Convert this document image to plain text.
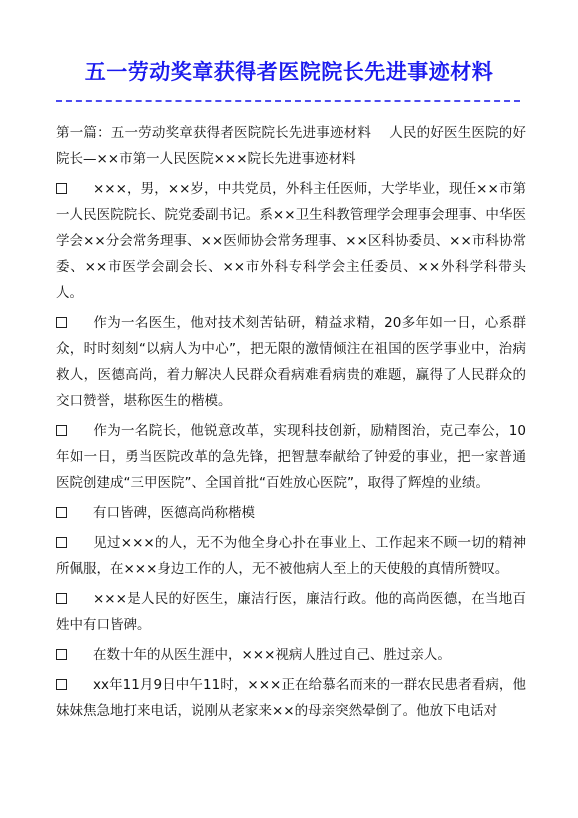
五一劳动奖章获得者医院院长先进事迹材料

第一篇：五一劳动奖章获得者医院院长先进事迹材料 人民的好医生医院的好院长—××市第一人民医院×××院长先进事迹材料

×××，男，××岁，中共党员，外科主任医师，大学毕业，现任××市第一人民医院院长、院党委副书记。系××卫生科教管理学会理事会理事、中华医学会××分会常务理事、××医师协会常务理事、××区科协委员、××市科协常委、××市医学会副会长、××市外科专科学会主任委员、××外科学科带头人。

作为一名医生，他对技术刻苦钻研，精益求精，20多年如一日，心系群众，时时刻刻“以病人为中心”，把无限的激情倾注在祖国的医学事业中，治病救人，医德高尚，着力解决人民群众看病难看病贵的难题，赢得了人民群众的交口赞誉，堪称医生的楷模。

作为一名院长，他锐意改革，实现科技创新，励精图治，克己奉公，10年如一日，勇当医院改革的急先锋，把智慧奉献给了钟爱的事业，把一家普通医院创建成“三甲医院”、全国首批“百姓放心医院”，取得了辉煌的业绩。

有口皆碑，医德高尚称楷模

见过×××的人，无不为他全身心扑在事业上、工作起来不顾一切的精神所佩服，在×××身边工作的人，无不被他病人至上的天使般的真情所赞叹。

×××是人民的好医生，廉洁行医，廉洁行政。他的高尚医德，在当地百姓中有口皆碑。

在数十年的从医生涯中，×××视病人胜过自己、胜过亲人。

xx年11月9日中午11时，×××正在给慕名而来的一群农民患者看病，他妹妹焦急地打来电话，说刚从老家来××的母亲突然晕倒了。他放下电话对
